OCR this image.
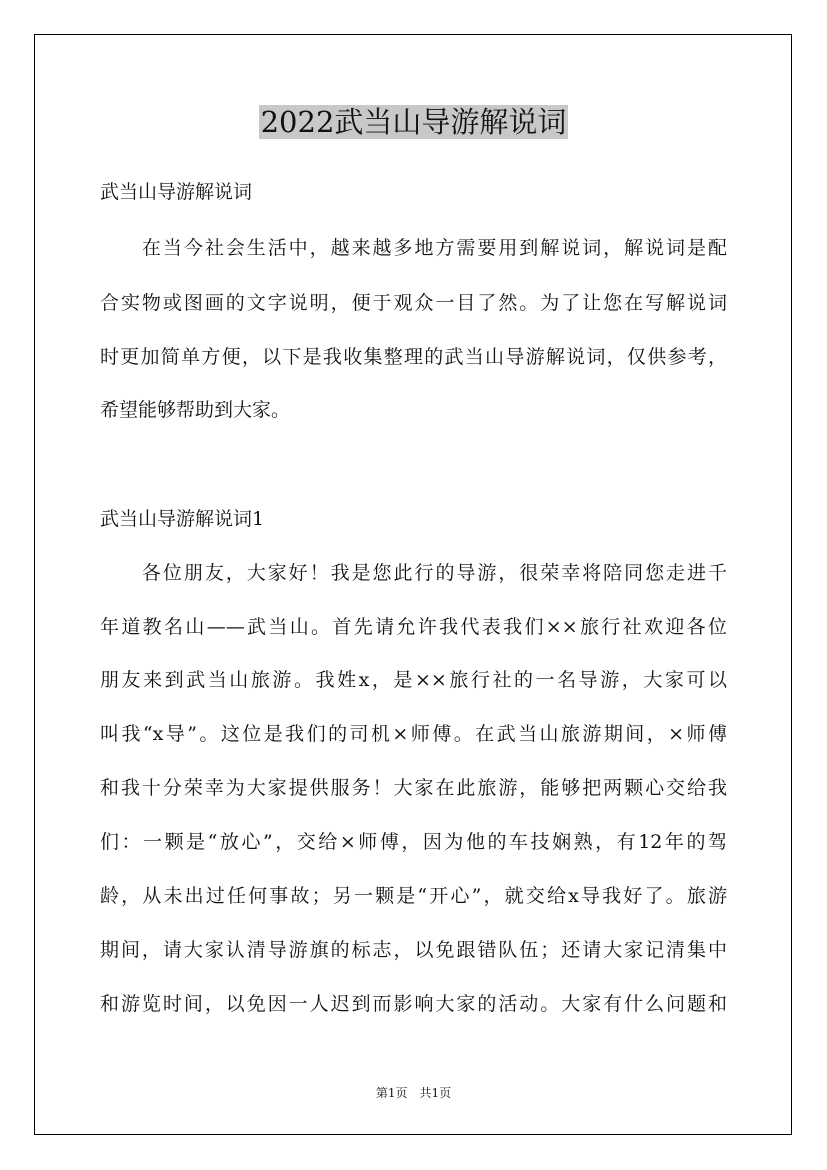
2022武当山导游解说词
武当山导游解说词
　　在当今社会生活中，越来越多地方需要用到解说词，解说词是配
合实物或图画的文字说明，便于观众一目了然。为了让您在写解说词
时更加简单方便，以下是我收集整理的武当山导游解说词，仅供参考，
希望能够帮助到大家。
武当山导游解说词1
　　各位朋友，大家好！我是您此行的导游，很荣幸将陪同您走进千
年道教名山——武当山。首先请允许我代表我们××旅行社欢迎各位
朋友来到武当山旅游。我姓x，是××旅行社的一名导游，大家可以
叫我“x导”。这位是我们的司机×师傅。在武当山旅游期间，×师傅
和我十分荣幸为大家提供服务！大家在此旅游，能够把两颗心交给我
们：一颗是“放心”，交给×师傅，因为他的车技娴熟，有12年的驾
龄，从未出过任何事故；另一颗是“开心”，就交给x导我好了。旅游
期间，请大家认清导游旗的标志，以免跟错队伍；还请大家记清集中
和游览时间，以免因一人迟到而影响大家的活动。大家有什么问题和
第1页　共1页
